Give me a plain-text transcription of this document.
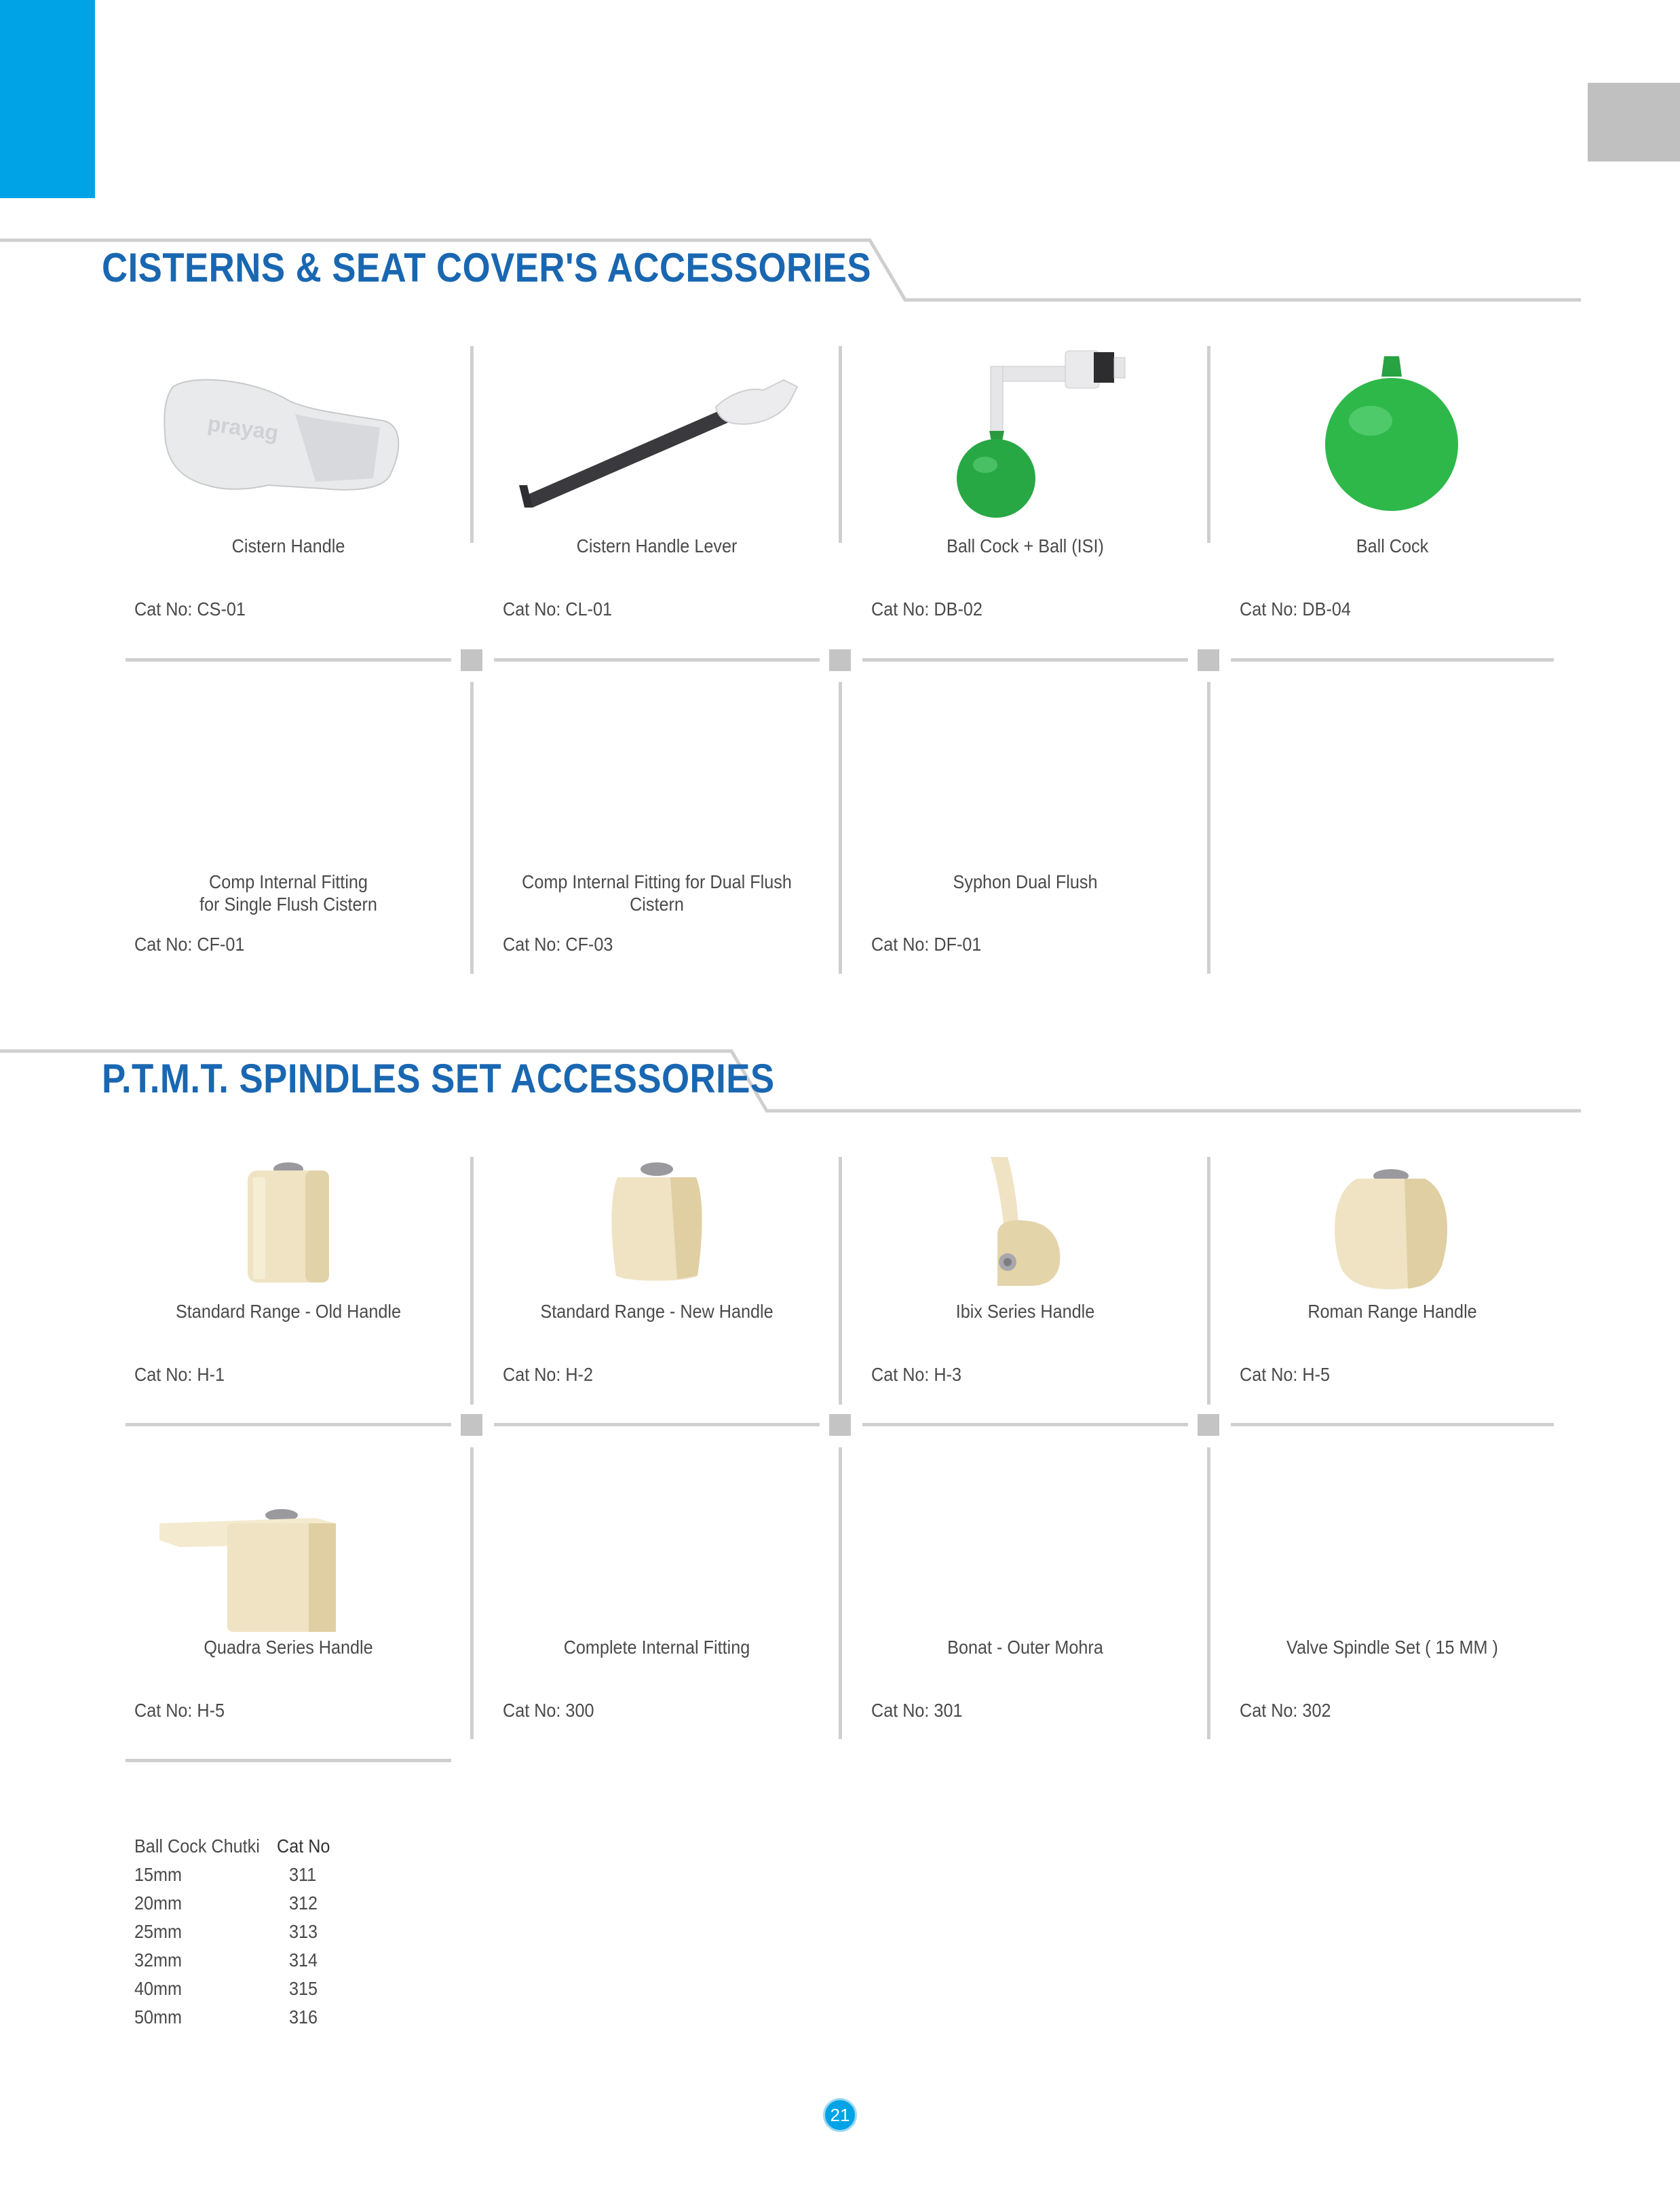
CISTERNS & SEAT COVER'S ACCESSORIES
prayag
Cistern Handle
Cat No: CS-01
Cistern Handle Lever
Cat No: CL-01
Ball Cock + Ball (ISI)
Cat No: DB-02
Ball Cock
Cat No: DB-04
Comp Internal Fitting
for Single Flush Cistern
Cat No: CF-01
Comp Internal Fitting for Dual Flush
Cistern
Cat No: CF-03
Syphon Dual Flush
Cat No: DF-01
P.T.M.T. SPINDLES SET ACCESSORIES
Standard Range - Old Handle
Cat No: H-1
Standard Range - New Handle
Cat No: H-2
Ibix Series Handle
Cat No: H-3
Roman Range Handle
Cat No: H-5
Quadra Series Handle
Cat No: H-5
Complete Internal Fitting
Cat No: 300
Bonat - Outer Mohra
Cat No: 301
Valve Spindle Set ( 15 MM )
Cat No: 302
Ball Cock Chutki Cat No
15mm	311
20mm	312
25mm	313
32mm	314
40mm	315
50mm	316
21
